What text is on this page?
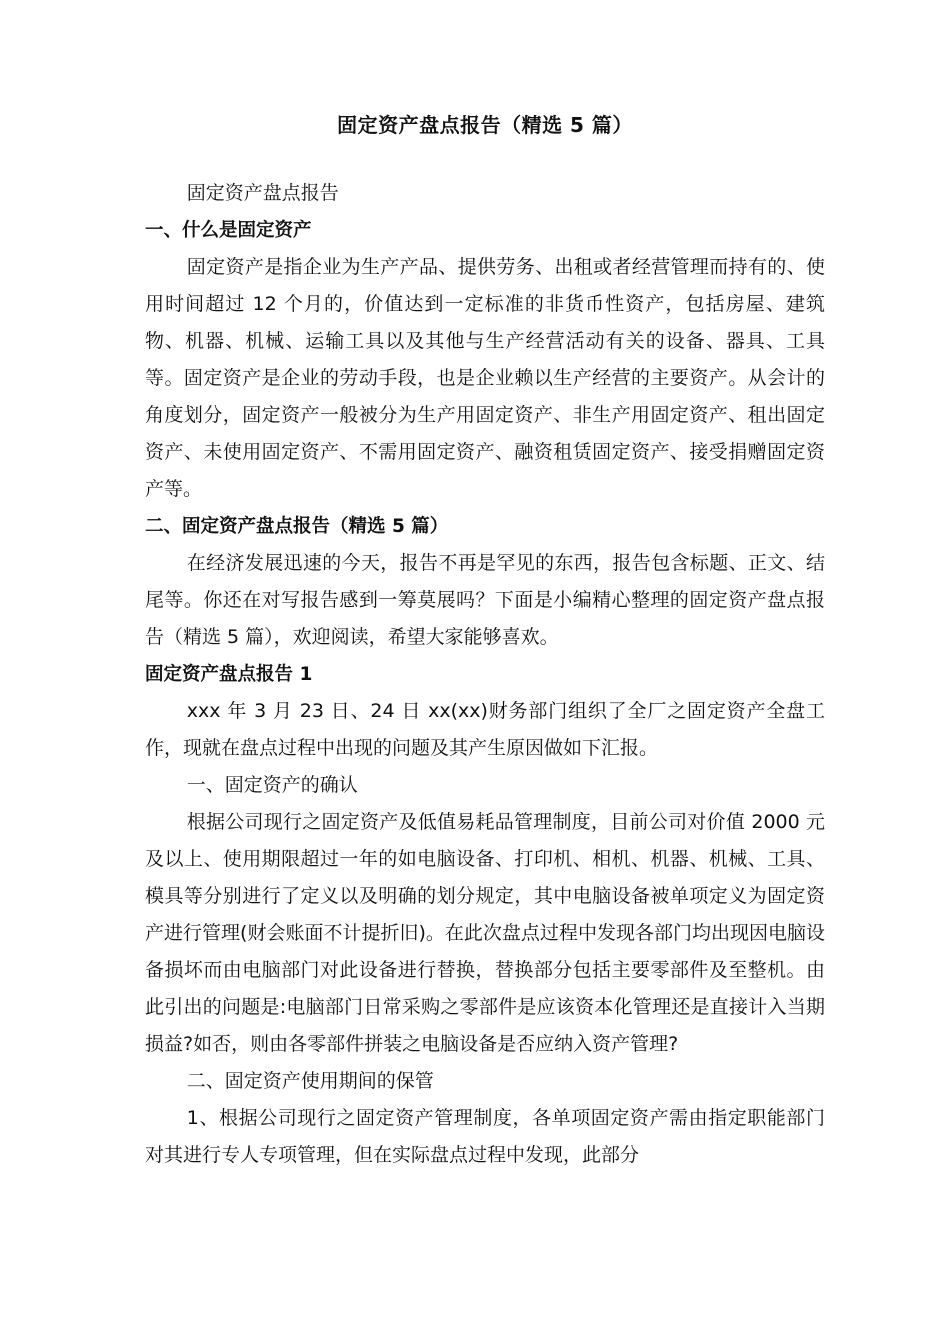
固定资产盘点报告（精选 5 篇）

固定资产盘点报告

一、什么是固定资产

固定资产是指企业为生产产品、提供劳务、出租或者经营管理而持有的、使用时间超过 12 个月的，价值达到一定标准的非货币性资产，包括房屋、建筑物、机器、机械、运输工具以及其他与生产经营活动有关的设备、器具、工具等。固定资产是企业的劳动手段，也是企业赖以生产经营的主要资产。从会计的角度划分，固定资产一般被分为生产用固定资产、非生产用固定资产、租出固定资产、未使用固定资产、不需用固定资产、融资租赁固定资产、接受捐赠固定资产等。

二、固定资产盘点报告（精选 5 篇）

在经济发展迅速的今天，报告不再是罕见的东西，报告包含标题、正文、结尾等。你还在对写报告感到一筹莫展吗？下面是小编精心整理的固定资产盘点报告（精选 5 篇），欢迎阅读，希望大家能够喜欢。

固定资产盘点报告 1

xxx 年 3 月 23 日、24 日 xx(xx)财务部门组织了全厂之固定资产全盘工作，现就在盘点过程中出现的问题及其产生原因做如下汇报。

一、固定资产的确认

根据公司现行之固定资产及低值易耗品管理制度，目前公司对价值 2000 元及以上、使用期限超过一年的如电脑设备、打印机、相机、机器、机械、工具、模具等分别进行了定义以及明确的划分规定，其中电脑设备被单项定义为固定资产进行管理(财会账面不计提折旧)。在此次盘点过程中发现各部门均出现因电脑设备损坏而由电脑部门对此设备进行替换，替换部分包括主要零部件及至整机。由此引出的问题是:电脑部门日常采购之零部件是应该资本化管理还是直接计入当期损益?如否，则由各零部件拼装之电脑设备是否应纳入资产管理?

二、固定资产使用期间的保管

1、根据公司现行之固定资产管理制度，各单项固定资产需由指定职能部门对其进行专人专项管理，但在实际盘点过程中发现，此部分
